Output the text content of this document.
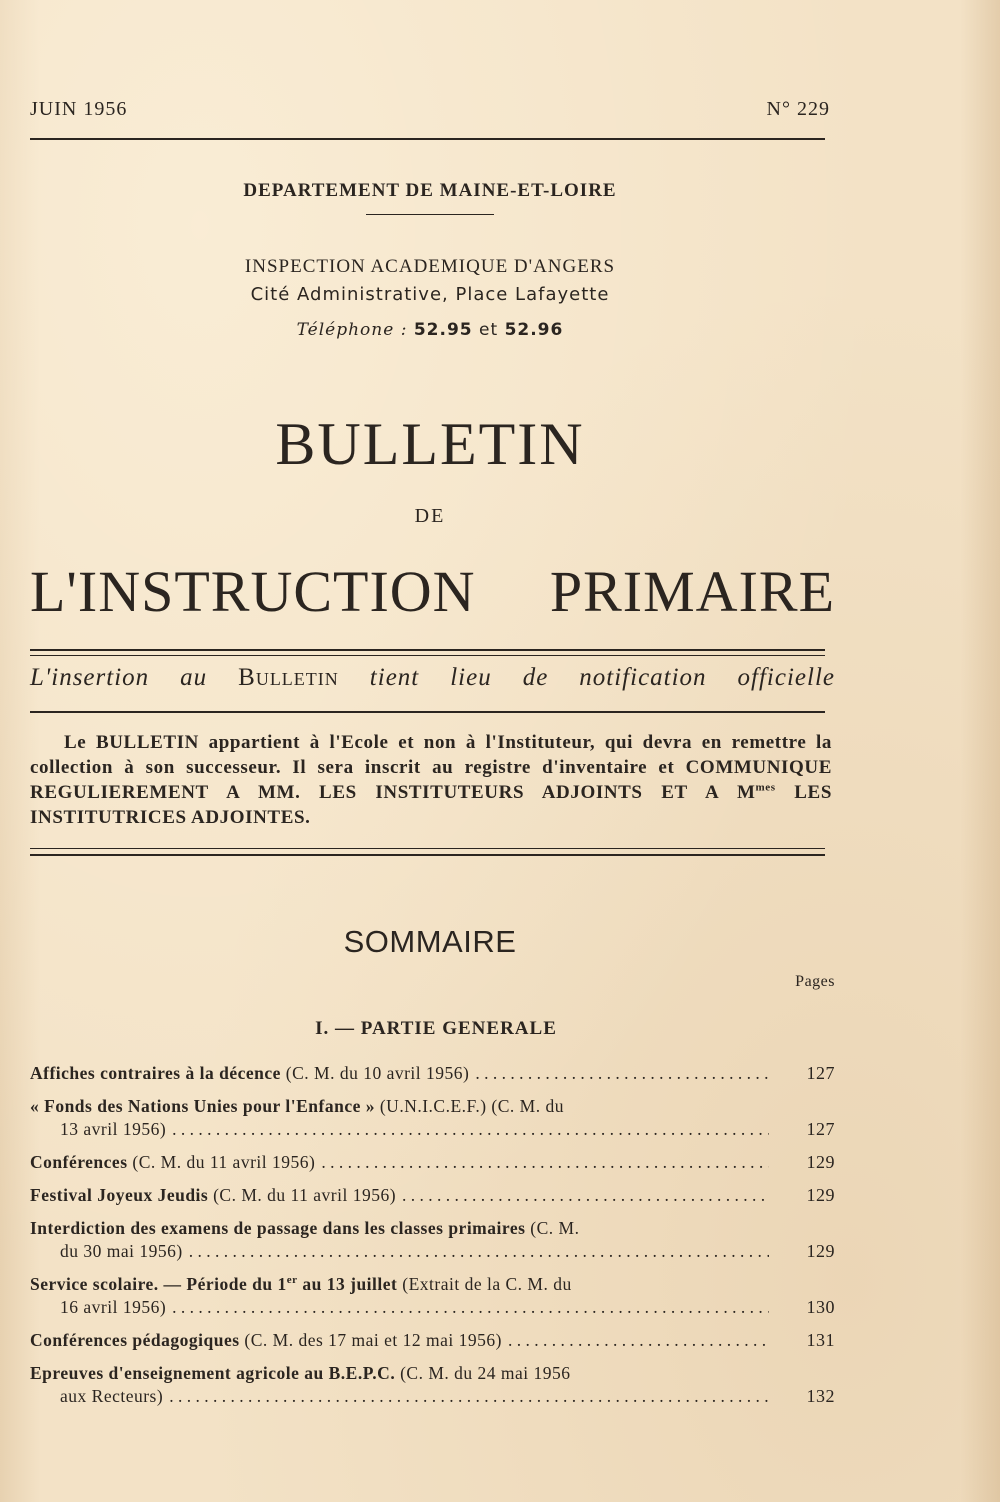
JUIN 1956	N° 229
DEPARTEMENT DE MAINE-ET-LOIRE
INSPECTION ACADEMIQUE D'ANGERS
Cité Administrative, Place Lafayette
Téléphone : 52.95 et 52.96
BULLETIN
DE
L'INSTRUCTION PRIMAIRE
L'insertion au Bulletin tient lieu de notification officielle
Le BULLETIN appartient à l'Ecole et non à l'Instituteur, qui devra en remettre la collection à son successeur. Il sera inscrit au registre d'inventaire et COMMUNIQUE REGULIEREMENT A MM. LES INSTITUTEURS ADJOINTS ET A $M^{mes}$ LES INSTITUTRICES ADJOINTES.
SOMMAIRE
Pages
I. — PARTIE GENERALE
Affiches contraires à la décence (C. M. du 10 avril 1956) . . .	127
« Fonds des Nations Unies pour l'Enfance » (U.N.I.C.E.F.) (C. M. du
13 avril 1956) . . .	127
Conférences (C. M. du 11 avril 1956) . . .	129
Festival Joyeux Jeudis (C. M. du 11 avril 1956) . . .	129
Interdiction des examens de passage dans les classes primaires (C. M.
du 30 mai 1956) . . .	129
Service scolaire. — Période du 1er au 13 juillet (Extrait de la C. M. du
16 avril 1956) . . .	130
Conférences pédagogiques (C. M. des 17 mai et 12 mai 1956) . . .	131
Epreuves d'enseignement agricole au B.E.P.C. (C. M. du 24 mai 1956
aux Recteurs) . . .	132
